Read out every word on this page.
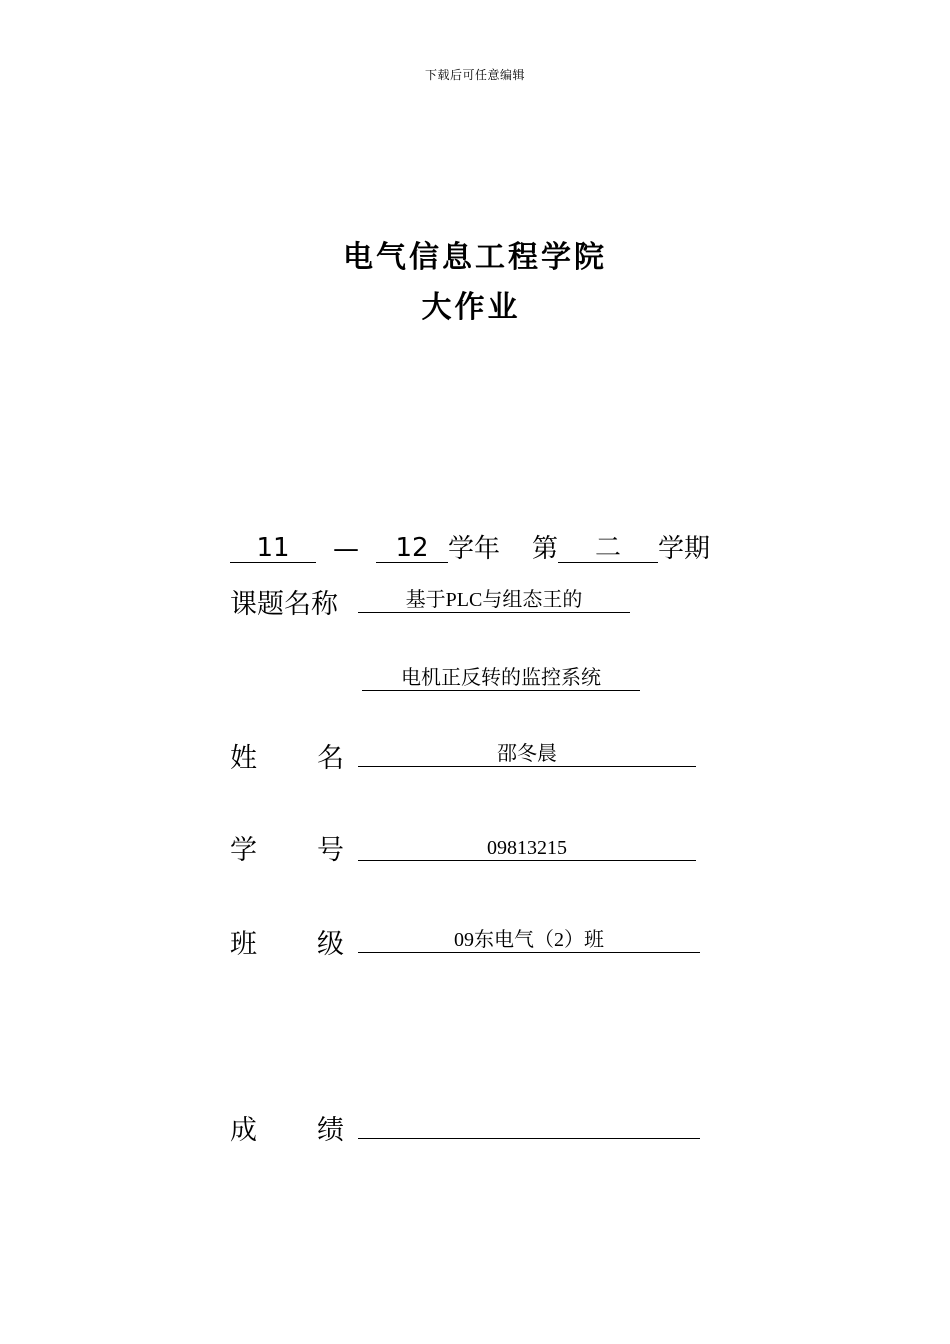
下载后可任意编辑
电气信息工程学院
大作业
11 — 12 学年 第 二 学期
课题名称	基于PLC与组态王的
电机正反转的监控系统
姓 名	邵冬晨
学 号	09813215
班 级	09东电气（2）班
成 绩
